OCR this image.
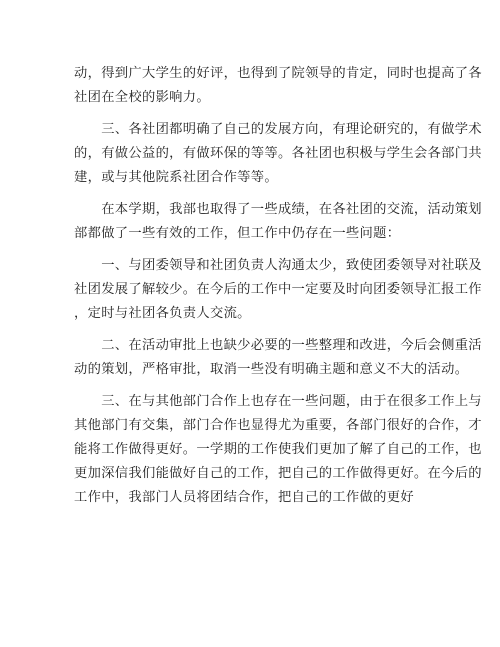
动，得到广大学生的好评，也得到了院领导的肯定，同时也提高了各
社团在全校的影响力。
　　三、各社团都明确了自己的发展方向，有理论研究的，有做学术
的，有做公益的，有做环保的等等。各社团也积极与学生会各部门共
建，或与其他院系社团合作等等。
　　在本学期，我部也取得了一些成绩，在各社团的交流，活动策划
部都做了一些有效的工作，但工作中仍存在一些问题：
　　一、与团委领导和社团负责人沟通太少，致使团委领导对社联及
社团发展了解较少。在今后的工作中一定要及时向团委领导汇报工作
，定时与社团各负责人交流。
　　二、在活动审批上也缺少必要的一些整理和改进，今后会侧重活
动的策划，严格审批，取消一些没有明确主题和意义不大的活动。
　　三、在与其他部门合作上也存在一些问题，由于在很多工作上与
其他部门有交集，部门合作也显得尤为重要，各部门很好的合作，才
能将工作做得更好。一学期的工作使我们更加了解了自己的工作，也
更加深信我们能做好自己的工作，把自己的工作做得更好。在今后的
工作中，我部门人员将团结合作，把自己的工作做的更好
